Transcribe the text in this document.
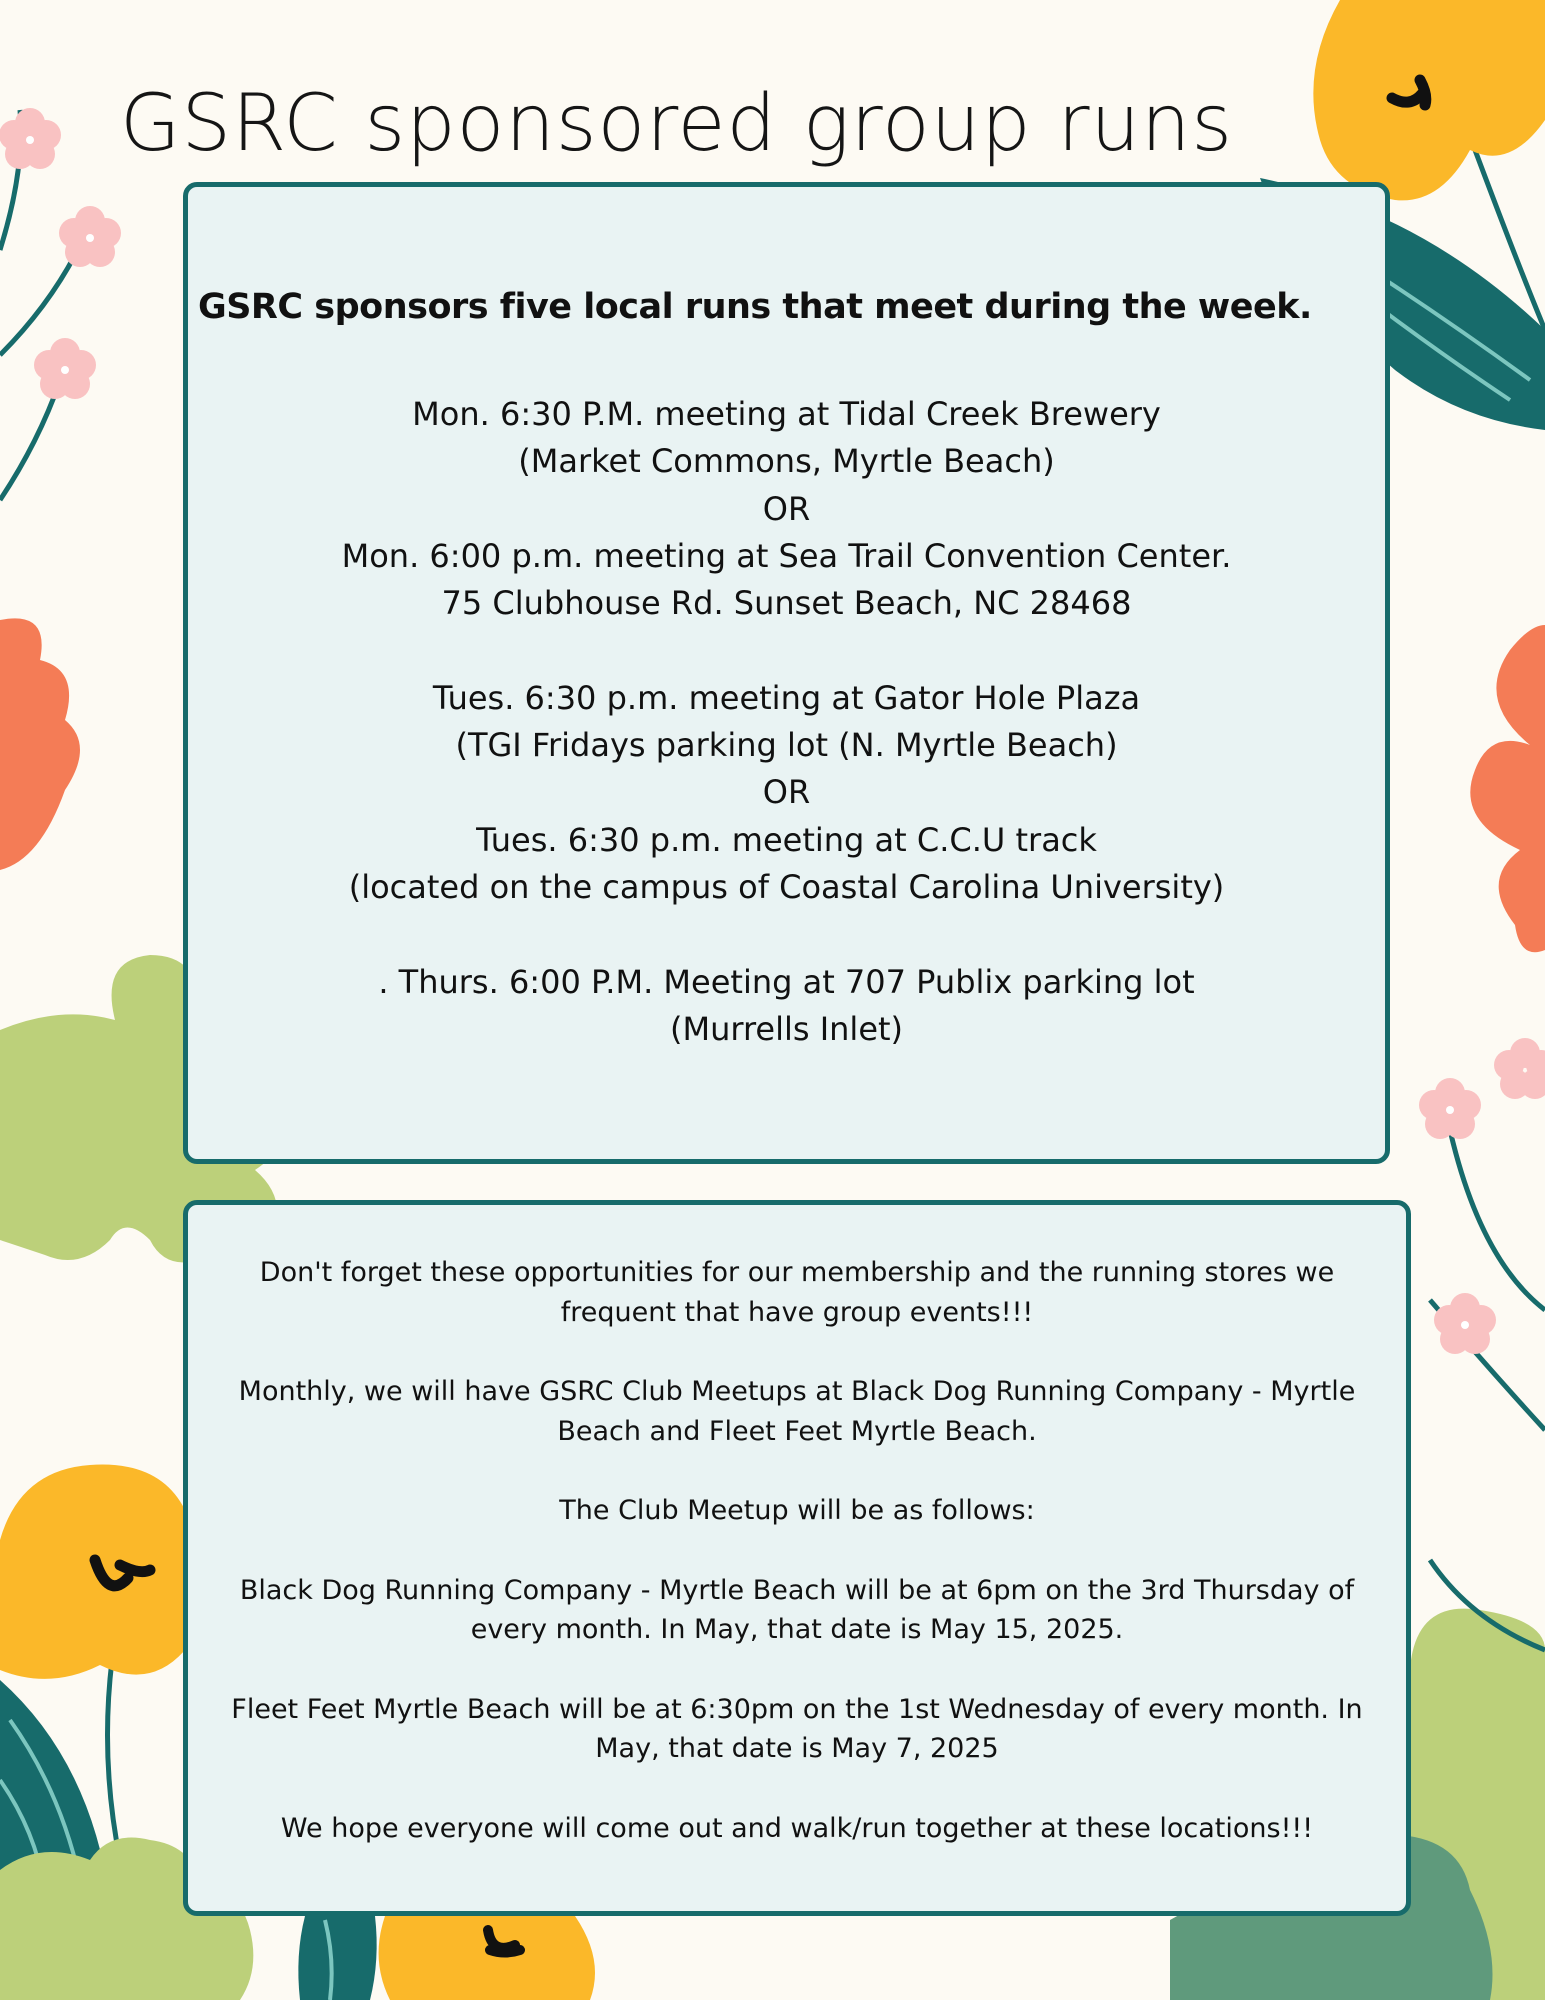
GSRC sponsored group runs
GSRC sponsors five local runs that meet during the week.
Mon. 6:30 P.M. meeting at Tidal Creek Brewery
(Market Commons, Myrtle Beach)
OR
Mon. 6:00 p.m. meeting at Sea Trail Convention Center.
75 Clubhouse Rd. Sunset Beach, NC 28468
Tues. 6:30 p.m. meeting at Gator Hole Plaza
(TGI Fridays parking lot (N. Myrtle Beach)
OR
Tues. 6:30 p.m. meeting at C.C.U track
(located on the campus of Coastal Carolina University)
. Thurs. 6:00 P.M. Meeting at 707 Publix parking lot
(Murrells Inlet)

Don't forget these opportunities for our membership and the running stores we frequent that have group events!!!

Monthly, we will have GSRC Club Meetups at Black Dog Running Company - Myrtle Beach and Fleet Feet Myrtle Beach.

The Club Meetup will be as follows:

Black Dog Running Company - Myrtle Beach will be at 6pm on the 3rd Thursday of every month. In May, that date is May 15, 2025.

Fleet Feet Myrtle Beach will be at 6:30pm on the 1st Wednesday of every month. In May, that date is May 7, 2025

We hope everyone will come out and walk/run together at these locations!!!
